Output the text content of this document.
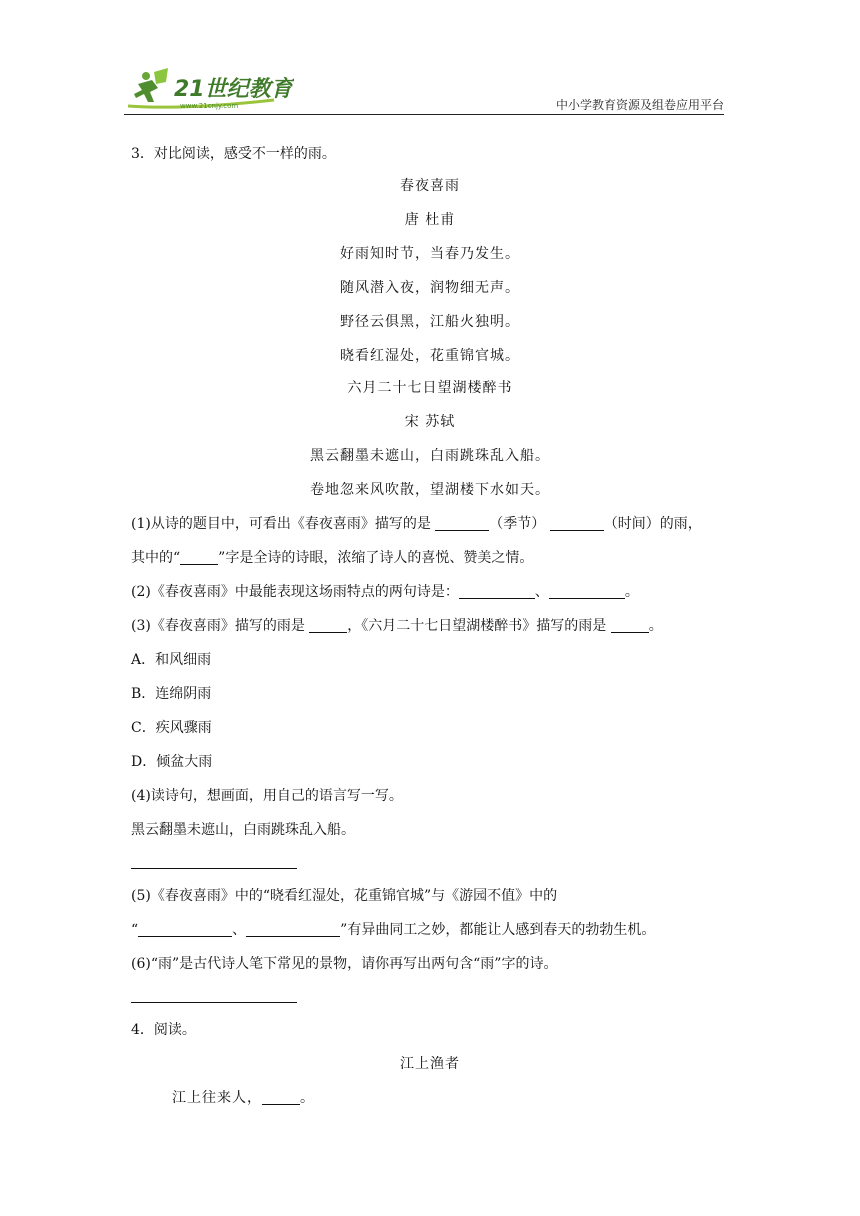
21世纪教育
www.21cnjy.com	中小学教育资源及组卷应用平台
3．对比阅读，感受不一样的雨。
春夜喜雨
唐 杜甫
好雨知时节，当春乃发生。
随风潜入夜，润物细无声。
野径云俱黑，江船火独明。
晓看红湿处，花重锦官城。
六月二十七日望湖楼醉书
宋 苏轼
黑云翻墨未遮山，白雨跳珠乱入船。
卷地忽来风吹散，望湖楼下水如天。
(1)从诗的题目中，可看出《春夜喜雨》描写的是	（季节）	（时间）的雨，
其中的“	”字是全诗的诗眼，浓缩了诗人的喜悦、赞美之情。
(2)《春夜喜雨》中最能表现这场雨特点的两句诗是：	、	。
(3)《春夜喜雨》描写的雨是	，《六月二十七日望湖楼醉书》描写的雨是	。
A．和风细雨
B．连绵阴雨
C．疾风骤雨
D．倾盆大雨
(4)读诗句，想画面，用自己的语言写一写。
黑云翻墨未遮山，白雨跳珠乱入船。
(5)《春夜喜雨》中的“晓看红湿处，花重锦官城”与《游园不值》中的
“	、	”有异曲同工之妙，都能让人感到春天的勃勃生机。
(6)“雨”是古代诗人笔下常见的景物，请你再写出两句含“雨”字的诗。
4．阅读。
江上渔者
江上往来人，	。
